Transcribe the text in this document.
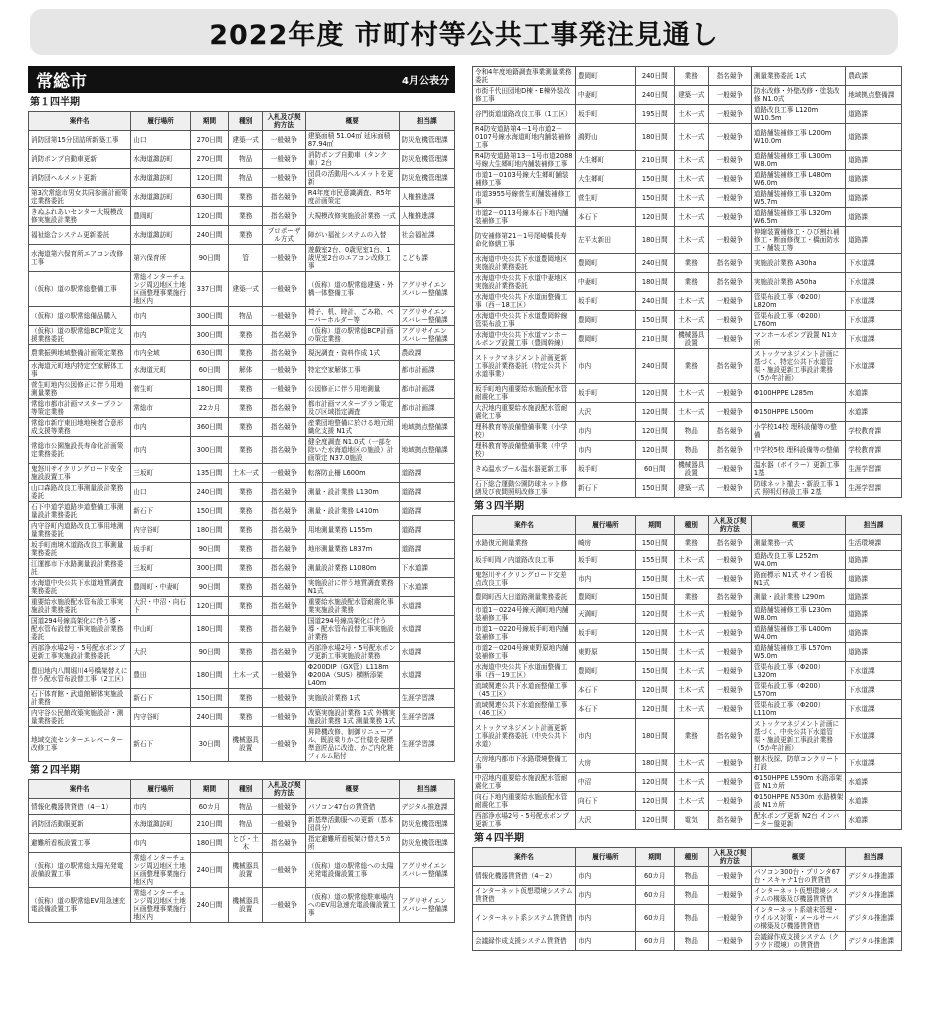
2022年度 市町村等公共工事発注見通し
常総市	4月公表分
第１四半期
案件名	履行場所	期間	種別	入札及び契約方法	概要	担当課
消防団第15分団詰所新築工事	山口	270日間	建築一式	一般競争	建築面積 51.04㎡ 延床面積 87.94㎡	防災危機管理課
消防ポンプ自動車更新	水海道諏訪町	270日間	物品	一般競争	消防ポンプ自動車（タンク車）2台	防災危機管理課
消防団ヘルメット更新	水海道諏訪町	120日間	物品	一般競争	団員の活動用ヘルメットを更新	防災危機管理課
第3次常総市男女共同参画計画策定業務委託	水海道諏訪町	630日間	業務	指名競争	R4年度市民意識調査、R5年度計画策定	人権推進課
きぬふれあいセンター大規模改修実施設計業務	豊岡町	120日間	業務	指名競争	大規模改修実施設計業務 一式	人権推進課
福祉総合システム更新委託	水海道諏訪町	240日間	業務	プロポーザル方式	障がい福祉システムの入替	社会福祉課
水海道第六保育所エアコン改修工事	第六保育所	90日間	管	一般競争	遊戯室2台、0歳児室1台、1歳児室2台のエアコン改修工事	こども課
（仮称）道の駅常総整備工事	常総インターチェンジ周辺地区土地区画整理事業施行地区内	337日間	建築一式	一般競争	（仮称）道の駅常総建築・外構一体整備工事	アグリサイエンスバレー整備課
（仮称）道の駅常総備品購入	市内	300日間	物品	一般競争	椅子、机、時計、ごみ箱、ペーパーホルダー等	アグリサイエンスバレー整備課
（仮称）道の駅常総BCP策定支援業務委託	市内	300日間	業務	指名競争	（仮称）道の駅常総BCP計画の策定業務	アグリサイエンスバレー整備課
農業振興地域整備計画策定業務	市内全域	630日間	業務	指名競争	現況調査・資料作成 1式	農政課
水海道元町地内特定空家解体工事	水海道元町	60日間	解体	一般競争	特定空家解体工事	都市計画課
菅生町地内公図修正に伴う用地測量業務	菅生町	180日間	業務	一般競争	公図修正に伴う用地測量	都市計画課
常総市都市計画マスタープラン等策定業務	常総市	22カ月	業務	指名競争	都市計画マスタープラン策定及び区域指定調査	都市計画課
常総市新庁東田地地検者合意形成支援等業務	市内	360日間	業務	指名競争	産業団地整備に於ける地元組織化支援 N1式	地域拠点整備課
常総市公園施設長寿命化計画策定業務委託	市内	300日間	業務	指名競争	健全度調査 N1.0式（一部を除いた水海道地区の施設）計画策定 N37.0施設	地域拠点整備課
鬼怒川サイクリングロード安全施設設置工事	三坂町	135日間	土木一式	一般競争	転落防止柵 L600m	道路課
山口森路改良工事測量設計業務委託	山口	240日間	業務	指名競争	測量・設計業務 L130m	道路課
石下中道学道路歩道整備工事測量設計業務委託	新石下	150日間	業務	指名競争	測量・設計業務 L410m	道路課
内守谷町内道路改良工事用地測量業務委託	内守谷町	180日間	業務	指名競争	用地測量業務 L155m	道路課
坂手町南境木道路改良工事測量業務委託	坂手町	90日間	業務	指名競争	地形測量業務 L837m	道路課
江運都市下水路測量設計業務委託	三坂町	300日間	業務	指名競争	測量設計業務 L1080m	下水道課
水海道中央公共下水道地質調査業務委託	豊岡町・中妻町	90日間	業務	指名競争	実施設計に伴う地質調査業務N1式	下水道課
重要給水施設配水管布設工事実施設計業務委託	大沢・中沼・向石下	120日間	業務	指名競争	重要給水施設配水管耐震化事業実施設計業務	水道課
国道294号線高架化に伴う導・配水管布設替工事実施設計業務委託	中山町	180日間	業務	指名競争	国道294号線高架化に伴う導・配水管布設替工事実施設計業務	水道課
西部浄水場2号・5号配水ポンプ更新工事実施設計業務委託	大沢	90日間	業務	指名競争	西部浄水場2号・5号配水ポンプ更新工事実施設計業務	水道課
豊田地内八間堀川4号橋架替えに伴う配水管布設替工事（2工区）	豊田	180日間	土木一式	一般競争	Φ200DIP（GX管）L118m Φ200A（SUS）横断添架 L40m	水道課
石下体育館・武道館解体実施設計業務	新石下	150日間	業務	一般競争	実施設計業務 1式	生涯学習課
内守谷公民館改築実施設計・測量業務委託	内守谷町	240日間	業務	一般競争	改築実施設計業務 1式 外構実施設計業務 1式 測量業務 1式	生涯学習課
地域交流センターエレベーター改修工事	新石下	30日間	機械器具設置	一般競争	昇降機改修、制御リニューアル、既設乗りかご仕様を現標準意匠品に改造、かご内化粧フィルム貼付	生涯学習課
第２四半期
案件名	履行場所	期間	種別	入札及び契約方法	概要	担当課
情報化機器賃貸借（4－1）	市内	60カ月	物品	一般競争	パソコン47台の賃貸借	デジタル推進課
消防団活動服更新	水海道諏訪町	210日間	物品	一般競争	新基準活動服への更新（基本団員分）	防災危機管理課
避難所看板設置工事	市内	180日間	とび・土木	指名競争	指定避難所看板架け替え5カ所	防災危機管理課
（仮称）道の駅常総太陽光発電設備設置工事	常総インターチェンジ周辺地区土地区画整理事業施行地区内	240日間	機械器具設置	一般競争	（仮称）道の駅常総への太陽光発電設備設置工事	アグリサイエンスバレー整備課
（仮称）道の駅常総EV用急速充電設備設置工事	常総インターチェンジ周辺地区土地区画整理事業施行地区内	240日間	機械器具設置	一般競争	（仮称）道の駅常総駐車場内へのEV用急速充電設備設置工事	アグリサイエンスバレー整備課
令和4年度地籍調査事業測量業務委託	豊岡町	240日間	業務	指名競争	測量業務委託 1式	農政課
市街千代田団地D棟・E棟外装改修工事	中妻町	240日間	建築一式	一般競争	防水改修・外壁改修・塗装改修 N1.0式	地域拠点整備課
谷門街道道路改良工事（1工区）	坂手町	195日間	土木一式	一般競争	道路改良工事 L120m W10.5m	道路課
R4防安道路第4－1号市道2－0107号線水海道町地内舗装補修工事	鴻野山	180日間	土木一式	一般競争	道路舗装補修工事 L200m W10.0m	道路課
R4防安道路第13－1号市道2088号線大生郷町地内舗装補修工事	大生郷町	210日間	土木一式	一般競争	道路舗装補修工事 L300m W8.0m	道路課
市道1－0103号線大生郷町舗装補修工事	大生郷町	150日間	土木一式	一般競争	道路舗装補修工事 L480m W6.0m	道路課
市道3955号線菅生町舗装補修工事	菅生町	150日間	土木一式	一般競争	道路舗装補修工事 L320m W5.7m	道路課
市道2－0113号線本石下地内舗装補修工事	本石下	120日間	土木一式	一般競争	道路舗装補修工事 L320m W6.5m	道路課
防安補修第21－1号尾崎橋長寿命化修繕工事	左平太新田	180日間	土木一式	一般競争	伸縮装置補修工・ひび割れ補修工・断面修復工・橋面防水工・舗装工等	道路課
水海道中央公共下水道豊岡地区実施設計業務委託	豊岡町	240日間	業務	指名競争	実施設計業務 A30ha	下水道課
水海道中央公共下水道中妻地区実施設計業務委託	中妻町	180日間	業務	指名競争	実施設計業務 A50ha	下水道課
水海道中央公共下水道面整備工事（西－18工区）	坂手町	240日間	土木一式	一般競争	管渠布設工事（Φ200）L820m	下水道課
水海道中央公共下水道豊岡幹線管渠布設工事	豊岡町	150日間	土木一式	一般競争	管渠布設工事（Φ200）L760m	下水道課
水海道中央公共下水道マンホールポンプ設置工事（豊岡幹線）	豊岡町	210日間	機械器具設置	一般競争	マンホールポンプ設置 N1カ所	下水道課
ストックマネジメント計画更新工事設計業務委託（特定公共下水道事業）	市内	240日間	業務	指名競争	ストックマネジメント計画に基づく、特定公共下水道管渠・施設更新工事設計業務（5か年計画）	下水道課
坂手町地内重要給水施設配水管耐震化工事	坂手町	120日間	土木一式	一般競争	Φ100HPPE L285m	水道課
大沢地内重要給水施設配水管耐震化工事	大沢	120日間	土木一式	一般競争	Φ150HPPE L500m	水道課
理科教育等設備整備事業（小学校）	市内	120日間	物品	指名競争	小学校14校 理科設備等の整備	学校教育課
理科教育等設備整備事業（中学校）	市内	120日間	物品	指名競争	中学校5校 理科設備等の整備	学校教育課
きぬ温水プール温水器更新工事	坂手町	60日間	機械器具設置	一般競争	温水器（ボイラー）更新工事 1基	生涯学習課
石下総合運動公園防球ネット修繕及び夜間照明改修工事	新石下	150日間	建築一式	一般競争	防球ネット撤去・新設工事 1式 照明灯移設工事 2基	生涯学習課
第３四半期
案件名	履行場所	期間	種別	入札及び契約方法	概要	担当課
水路復元測量業務	崎房	150日間	業務	指名競争	測量業務一式	生活環境課
坂手町岡ノ内道路改良工事	坂手町	155日間	土木一式	一般競争	道路改良工事 L252m W4.0m	道路課
鬼怒川サイクリングロード交差点改良工事	市内	150日間	土木一式	一般競争	路面標示 N1式 サイン看板 N1式	道路課
豊岡町西大日道路測量業務委託	豊岡町	150日間	業務	指名競争	測量・設計業務 L290m	道路課
市道1－0224号線天満町地内舗装補修工事	天満町	120日間	土木一式	一般競争	道路舗装補修工事 L230m W8.0m	道路課
市道1－0220号線坂手町地内舗装補修工事	坂手町	120日間	土木一式	一般競争	道路舗装補修工事 L400m W4.0m	道路課
市道2－0204号線東野原地内舗装補修工事	東野原	150日間	土木一式	一般競争	道路舗装補修工事 L570m W5.0m	道路課
水海道中央公共下水道面整備工事（西－19工区）	豊岡町	150日間	土木一式	一般競争	管渠布設工事（Φ200）L320m	下水道課
流域関連公共下水道面整備工事（45工区）	本石下	120日間	土木一式	一般競争	管渠布設工事（Φ200）L570m	下水道課
流域関連公共下水道面整備工事（46工区）	本石下	120日間	土木一式	一般競争	管渠布設工事（Φ200）L110m	下水道課
ストックマネジメント計画更新工事設計業務委託（中央公共下水道）	市内	180日間	業務	指名競争	ストックマネジメント計画に基づく、中央公共下水道管渠・施設更新工事設計業務（5か年計画）	下水道課
大房地内都市下水路環境整備工事	大房	180日間	土木一式	一般競争	樹木伐採、防草コンクリート打設	下水道課
中沼地内重要給水施設配水管耐震化工事	中沼	120日間	土木一式	一般競争	Φ150HPPE L590m 水路添架管 N1カ所	水道課
向石下地内重要給水施設配水管耐震化工事	向石下	120日間	土木一式	一般競争	Φ150HPPE N530m 水路横架設 N1カ所	水道課
西部浄水場2号・5号配水ポンプ更新工事	大沢	120日間	電気	指名競争	配水ポンプ更新 N2台 インバーター盤更新	水道課
第４四半期
案件名	履行場所	期間	種別	入札及び契約方法	概要	担当課
情報化機器賃貸借（4－2）	市内	60カ月	物品	一般競争	パソコン300台・プリンタ67台・スキャナ1台の賃貸借	デジタル推進課
インターネット仮想環境システム賃貸借	市内	60カ月	物品	一般競争	インターネット仮想環境システムの構築及び機器賃貸借	デジタル推進課
インターネット系システム賃貸借	市内	60カ月	物品	一般競争	インターネット系端末管理・ウイルス対策・メールサーバの構築及び機器賃貸借	デジタル推進課
会議録作成支援システム賃貸借	市内	60カ月	物品	一般競争	会議録作成支援システム（クラウド環境）の賃貸借	デジタル推進課
